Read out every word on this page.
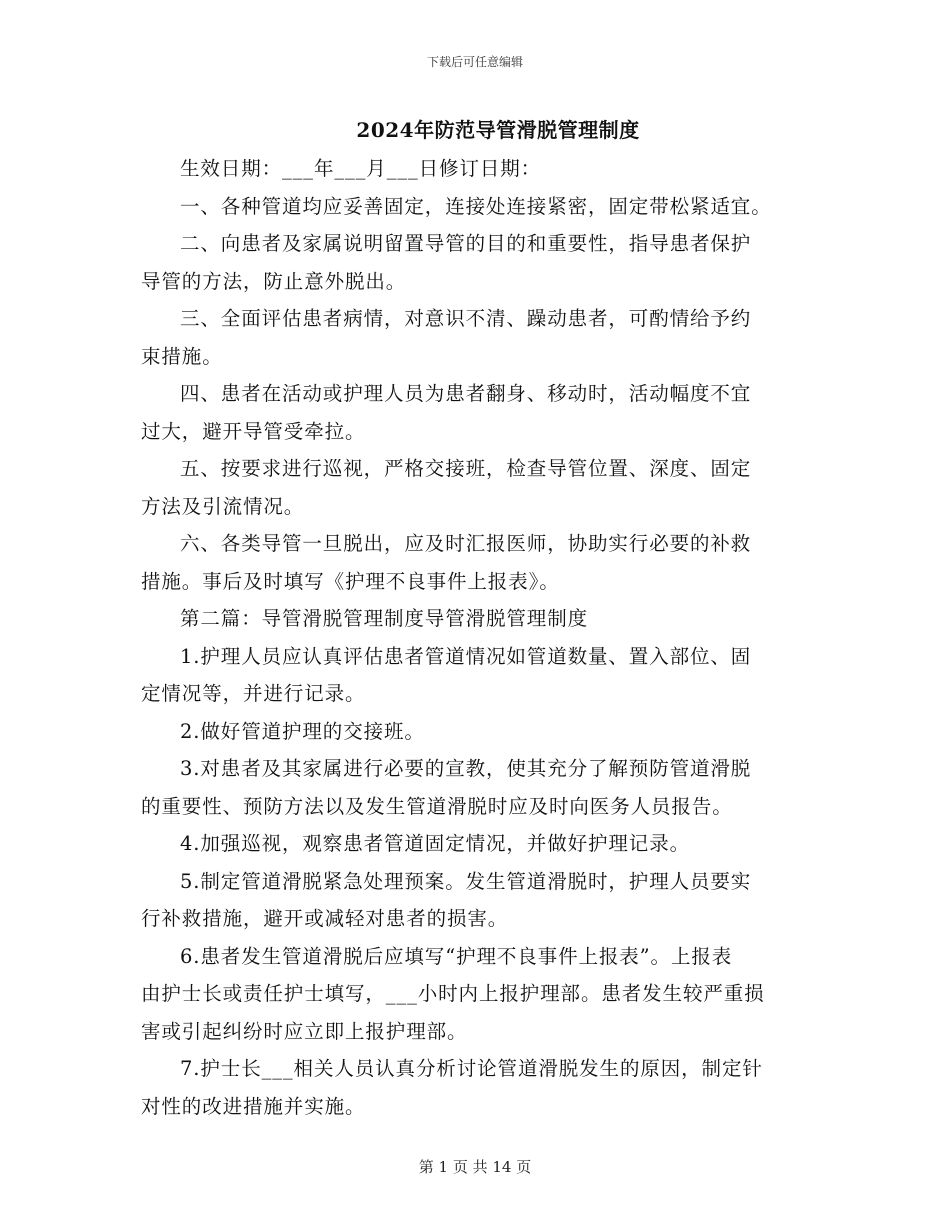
下载后可任意编辑
2024年防范导管滑脱管理制度

生效日期：___年___月___日修订日期：

一、各种管道均应妥善固定，连接处连接紧密，固定带松紧适宜。

二、向患者及家属说明留置导管的目的和重要性，指导患者保护
导管的方法，防止意外脱出。

三、全面评估患者病情，对意识不清、躁动患者，可酌情给予约
束措施。

四、患者在活动或护理人员为患者翻身、移动时，活动幅度不宜
过大，避开导管受牵拉。

五、按要求进行巡视，严格交接班，检查导管位置、深度、固定
方法及引流情况。

六、各类导管一旦脱出，应及时汇报医师，协助实行必要的补救
措施。事后及时填写《护理不良事件上报表》。

第二篇：导管滑脱管理制度导管滑脱管理制度

1.护理人员应认真评估患者管道情况如管道数量、置入部位、固
定情况等，并进行记录。

2.做好管道护理的交接班。

3.对患者及其家属进行必要的宣教，使其充分了解预防管道滑脱
的重要性、预防方法以及发生管道滑脱时应及时向医务人员报告。

4.加强巡视，观察患者管道固定情况，并做好护理记录。

5.制定管道滑脱紧急处理预案。发生管道滑脱时，护理人员要实
行补救措施，避开或减轻对患者的损害。

6.患者发生管道滑脱后应填写“护理不良事件上报表”。上报表
由护士长或责任护士填写，___小时内上报护理部。患者发生较严重损
害或引起纠纷时应立即上报护理部。

7.护士长___相关人员认真分析讨论管道滑脱发生的原因，制定针
对性的改进措施并实施。

第 1 页 共 14 页
